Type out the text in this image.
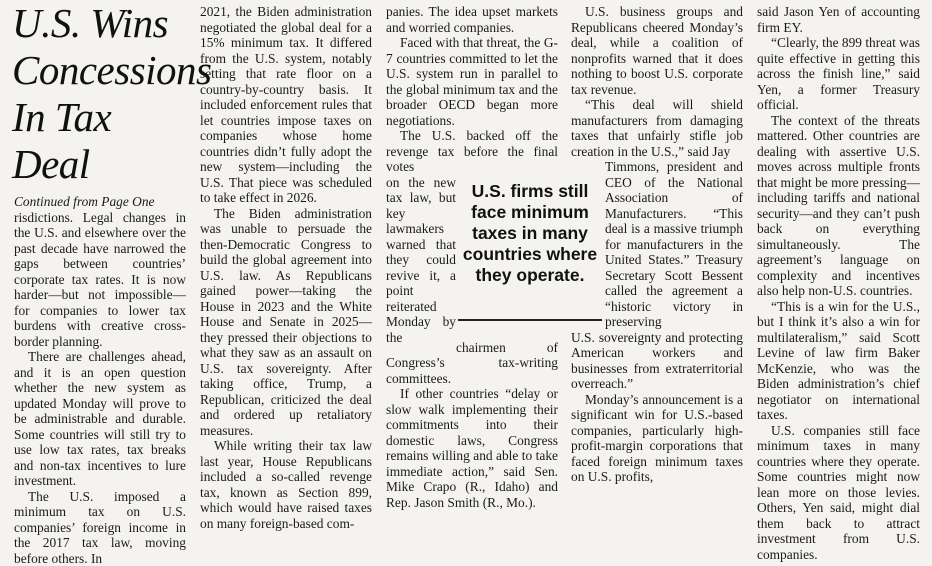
U.S. Wins Concessions In Tax Deal

Continued from Page One

risdictions. Legal changes in the U.S. and elsewhere over the past decade have narrowed the gaps between countries’ corporate tax rates. It is now harder—but not impossible—for companies to lower tax burdens with creative cross-border planning.

There are challenges ahead, and it is an open question whether the new system as updated Monday will prove to be administrable and durable. Some countries will still try to use low tax rates, tax breaks and non-tax incentives to lure investment.

The U.S. imposed a minimum tax on U.S. companies’ foreign income in the 2017 tax law, moving before others. In

2021, the Biden administration negotiated the global deal for a 15% minimum tax. It differed from the U.S. system, notably setting that rate floor on a country-by-country basis. It included enforcement rules that let countries impose taxes on companies whose home countries didn’t fully adopt the new system—including the U.S. That piece was scheduled to take effect in 2026.

The Biden administration was unable to persuade the then-Democratic Congress to build the global agreement into U.S. law. As Republicans gained power—taking the House in 2023 and the White House and Senate in 2025—they pressed their objections to what they saw as an assault on U.S. tax sovereignty. After taking office, Trump, a Republican, criticized the deal and ordered up retaliatory measures.

While writing their tax law last year, House Republicans included a so-called revenge tax, known as Section 899, which would have raised taxes on many foreign-based com-

panies. The idea upset markets and worried companies.

Faced with that threat, the G-7 countries committed to let the U.S. system run in parallel to the global minimum tax and the broader OECD began more negotiations.

The U.S. backed off the revenge tax before the final votes

on the new tax law, but key lawmakers warned that they could revive it, a point reiterated Monday by the

chairmen of Congress’s tax-writing committees.

If other countries “delay or slow walk implementing their commitments into their domestic laws, Congress remains willing and able to take immediate action,” said Sen. Mike Crapo (R., Idaho) and Rep. Jason Smith (R., Mo.).

U.S. business groups and Republicans cheered Monday’s deal, while a coalition of nonprofits warned that it does nothing to boost U.S. corporate tax revenue.

“This deal will shield manufacturers from damaging taxes that unfairly stifle job creation in the U.S.,” said Jay

Timmons, president and CEO of the National Association of Manufacturers. “This deal is a massive triumph for manufacturers in the United States.” Treasury Secretary Scott Bessent called the agreement a “historic victory in preserving

U.S. sovereignty and protecting American workers and businesses from extraterritorial overreach.”

Monday’s announcement is a significant win for U.S.-based companies, particularly high-profit-margin corporations that faced foreign minimum taxes on U.S. profits,

said Jason Yen of accounting firm EY.

“Clearly, the 899 threat was quite effective in getting this across the finish line,” said Yen, a former Treasury official.

The context of the threats mattered. Other countries are dealing with assertive U.S. moves across multiple fronts that might be more pressing—including tariffs and national security—and they can’t push back on everything simultaneously. The agreement’s language on complexity and incentives also help non-U.S. countries.

“This is a win for the U.S., but I think it’s also a win for multilateralism,” said Scott Levine of law firm Baker McKenzie, who was the Biden administration’s chief negotiator on international taxes.

U.S. companies still face minimum taxes in many countries where they operate. Some countries might now lean more on those levies. Others, Yen said, might dial them back to attract investment from U.S. companies.

U.S. firms still face minimum taxes in many countries where they operate.
